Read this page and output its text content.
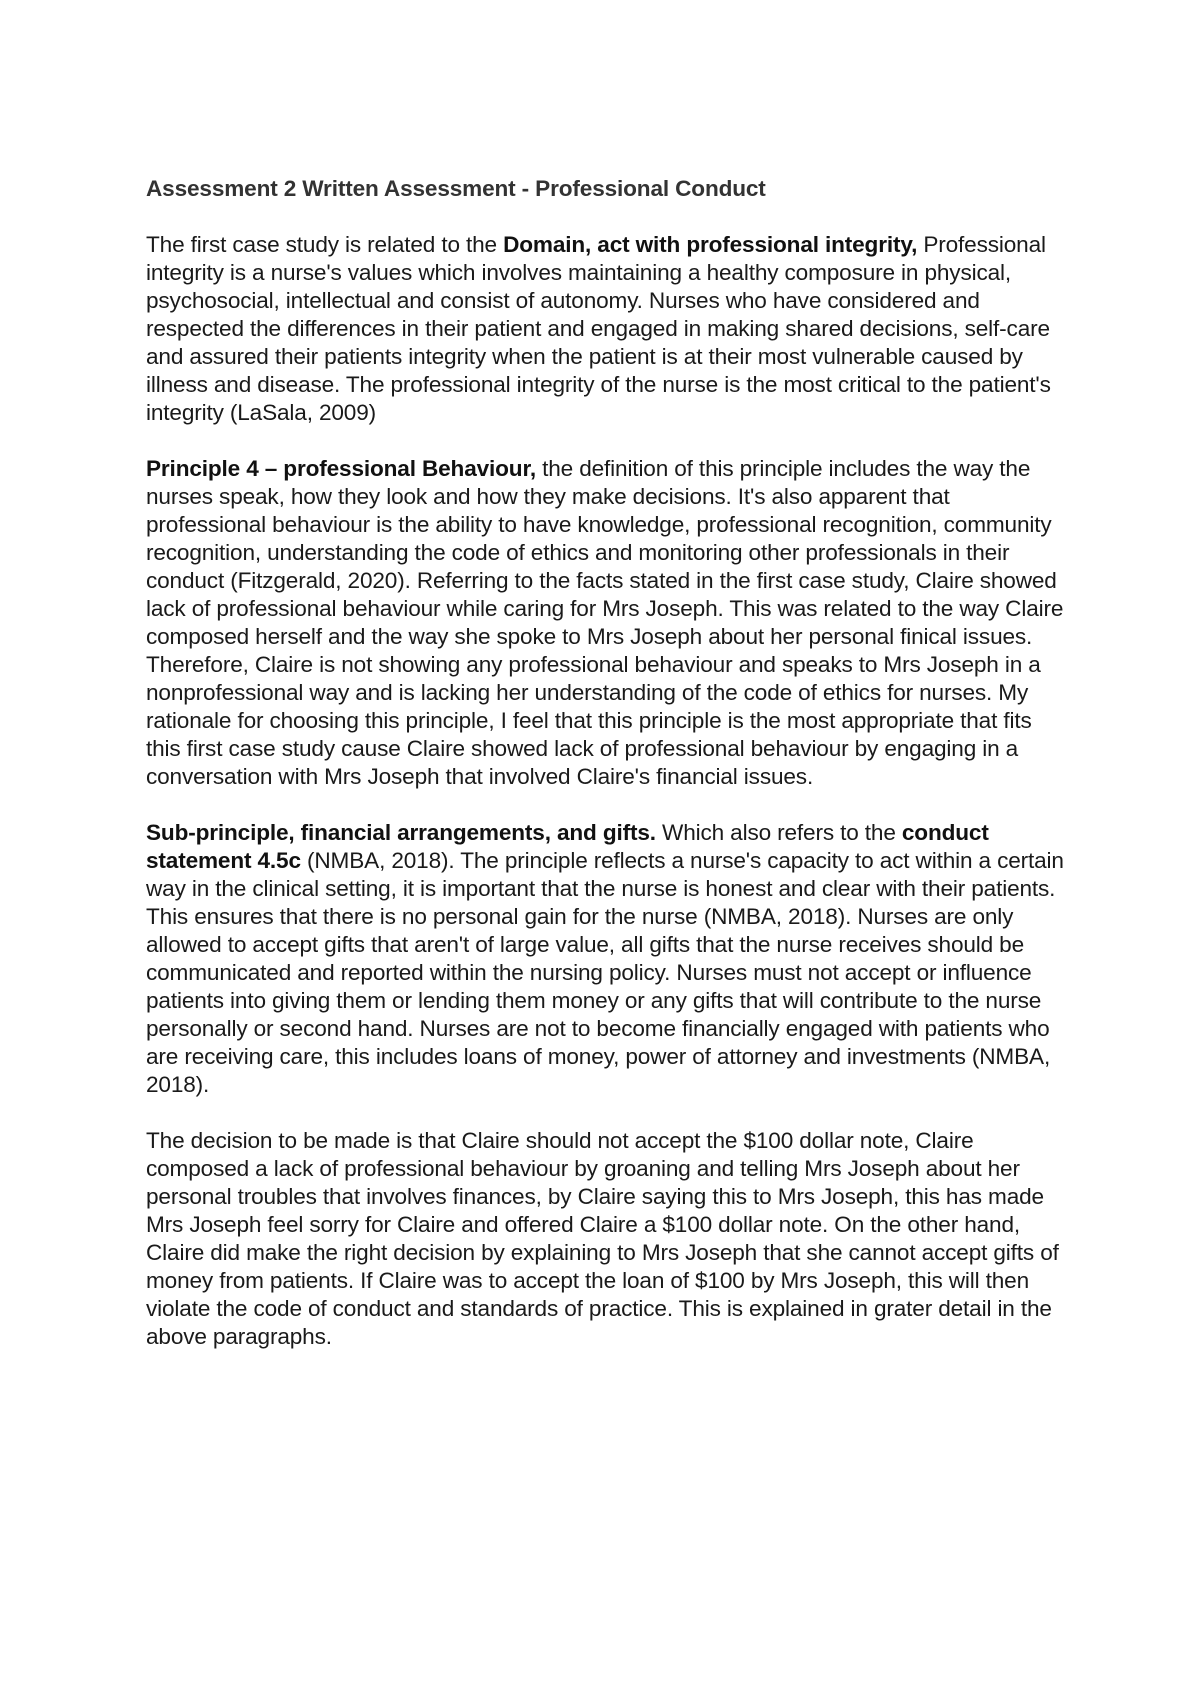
Assessment 2 Written Assessment - Professional Conduct

The first case study is related to the Domain, act with professional integrity, Professional integrity is a nurse's values which involves maintaining a healthy composure in physical, psychosocial, intellectual and consist of autonomy. Nurses who have considered and respected the differences in their patient and engaged in making shared decisions, self-care and assured their patients integrity when the patient is at their most vulnerable caused by illness and disease. The professional integrity of the nurse is the most critical to the patient's integrity (LaSala, 2009)

Principle 4 – professional Behaviour, the definition of this principle includes the way the nurses speak, how they look and how they make decisions. It's also apparent that professional behaviour is the ability to have knowledge, professional recognition, community recognition, understanding the code of ethics and monitoring other professionals in their conduct (Fitzgerald, 2020). Referring to the facts stated in the first case study, Claire showed lack of professional behaviour while caring for Mrs Joseph. This was related to the way Claire composed herself and the way she spoke to Mrs Joseph about her personal finical issues. Therefore, Claire is not showing any professional behaviour and speaks to Mrs Joseph in a nonprofessional way and is lacking her understanding of the code of ethics for nurses. My rationale for choosing this principle, I feel that this principle is the most appropriate that fits this first case study cause Claire showed lack of professional behaviour by engaging in a conversation with Mrs Joseph that involved Claire's financial issues.

Sub-principle, financial arrangements, and gifts. Which also refers to the conduct statement 4.5c (NMBA, 2018). The principle reflects a nurse's capacity to act within a certain way in the clinical setting, it is important that the nurse is honest and clear with their patients. This ensures that there is no personal gain for the nurse (NMBA, 2018). Nurses are only allowed to accept gifts that aren't of large value, all gifts that the nurse receives should be communicated and reported within the nursing policy. Nurses must not accept or influence patients into giving them or lending them money or any gifts that will contribute to the nurse personally or second hand. Nurses are not to become financially engaged with patients who are receiving care, this includes loans of money, power of attorney and investments (NMBA, 2018).

The decision to be made is that Claire should not accept the $100 dollar note, Claire composed a lack of professional behaviour by groaning and telling Mrs Joseph about her personal troubles that involves finances, by Claire saying this to Mrs Joseph, this has made Mrs Joseph feel sorry for Claire and offered Claire a $100 dollar note. On the other hand, Claire did make the right decision by explaining to Mrs Joseph that she cannot accept gifts of money from patients. If Claire was to accept the loan of $100 by Mrs Joseph, this will then violate the code of conduct and standards of practice. This is explained in grater detail in the above paragraphs.
